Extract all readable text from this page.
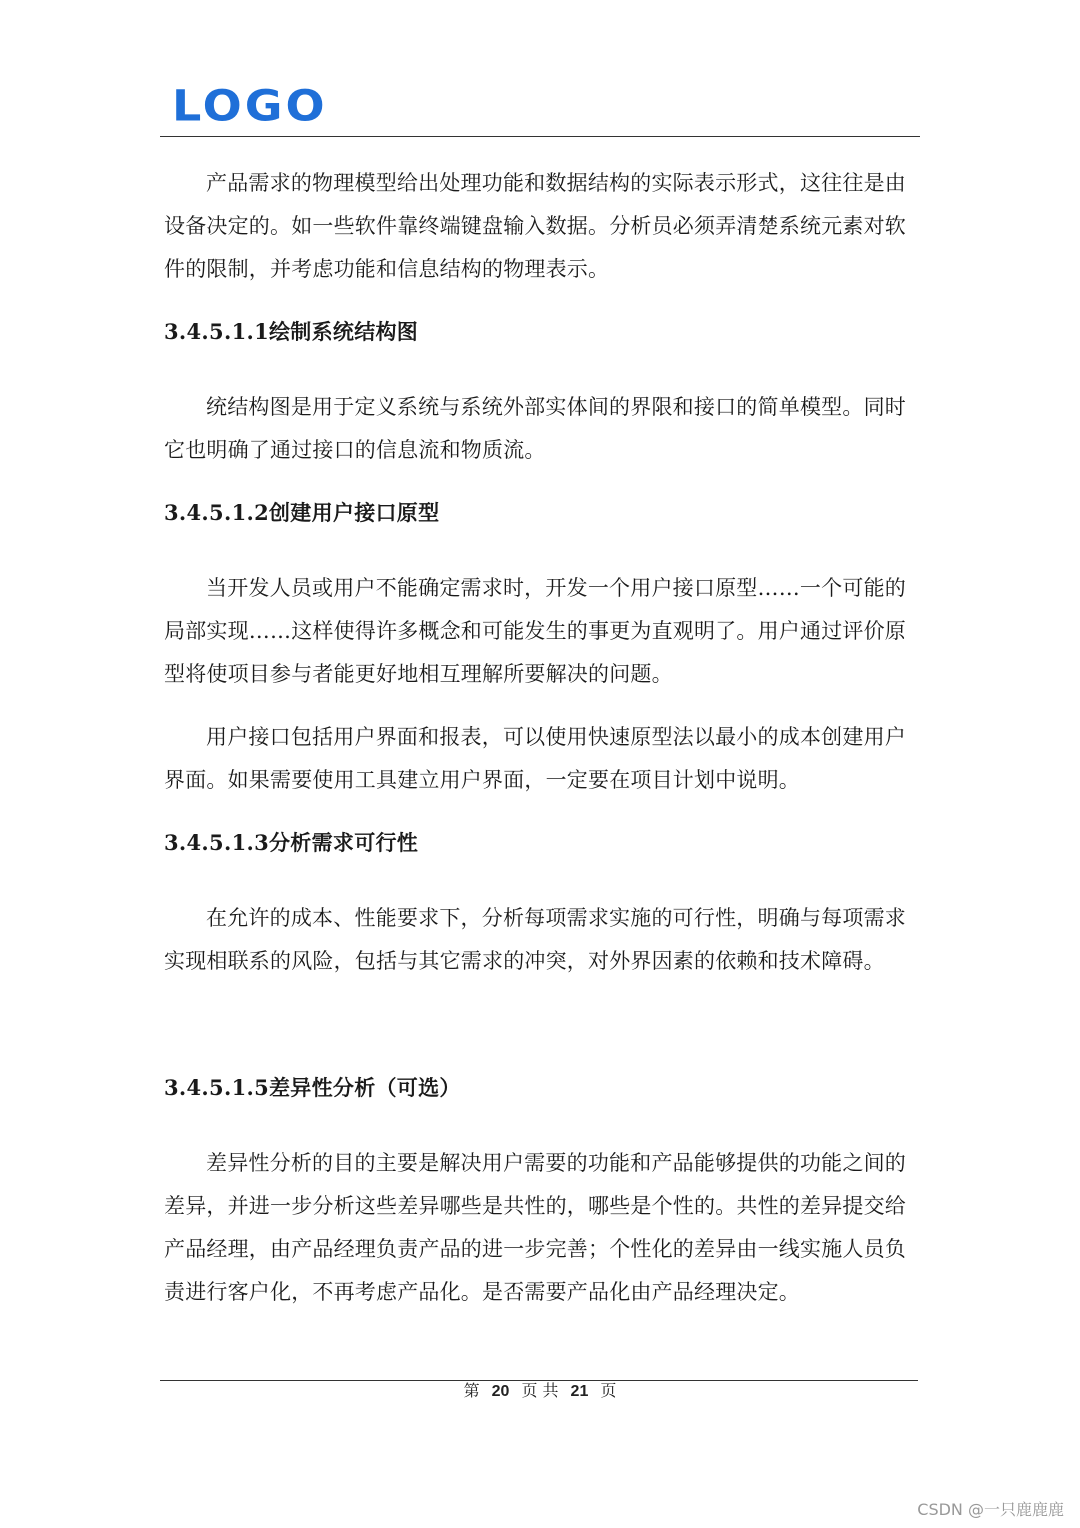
LOGO

产品需求的物理模型给出处理功能和数据结构的实际表示形式，这往往是由设备决定的。如一些软件靠终端键盘输入数据。分析员必须弄清楚系统元素对软件的限制，并考虑功能和信息结构的物理表示。

3.4.5.1.1绘制系统结构图

统结构图是用于定义系统与系统外部实体间的界限和接口的简单模型。同时它也明确了通过接口的信息流和物质流。

3.4.5.1.2创建用户接口原型

当开发人员或用户不能确定需求时，开发一个用户接口原型……一个可能的局部实现……这样使得许多概念和可能发生的事更为直观明了。用户通过评价原型将使项目参与者能更好地相互理解所要解决的问题。

用户接口包括用户界面和报表，可以使用快速原型法以最小的成本创建用户界面。如果需要使用工具建立用户界面，一定要在项目计划中说明。

3.4.5.1.3分析需求可行性

在允许的成本、性能要求下，分析每项需求实施的可行性，明确与每项需求实现相联系的风险，包括与其它需求的冲突，对外界因素的依赖和技术障碍。

3.4.5.1.5差异性分析（可选）

差异性分析的目的主要是解决用户需要的功能和产品能够提供的功能之间的差异，并进一步分析这些差异哪些是共性的，哪些是个性的。共性的差异提交给产品经理，由产品经理负责产品的进一步完善；个性化的差异由一线实施人员负责进行客户化，不再考虑产品化。是否需要产品化由产品经理决定。

第 20 页 共 21 页
CSDN @一只鹿鹿鹿
